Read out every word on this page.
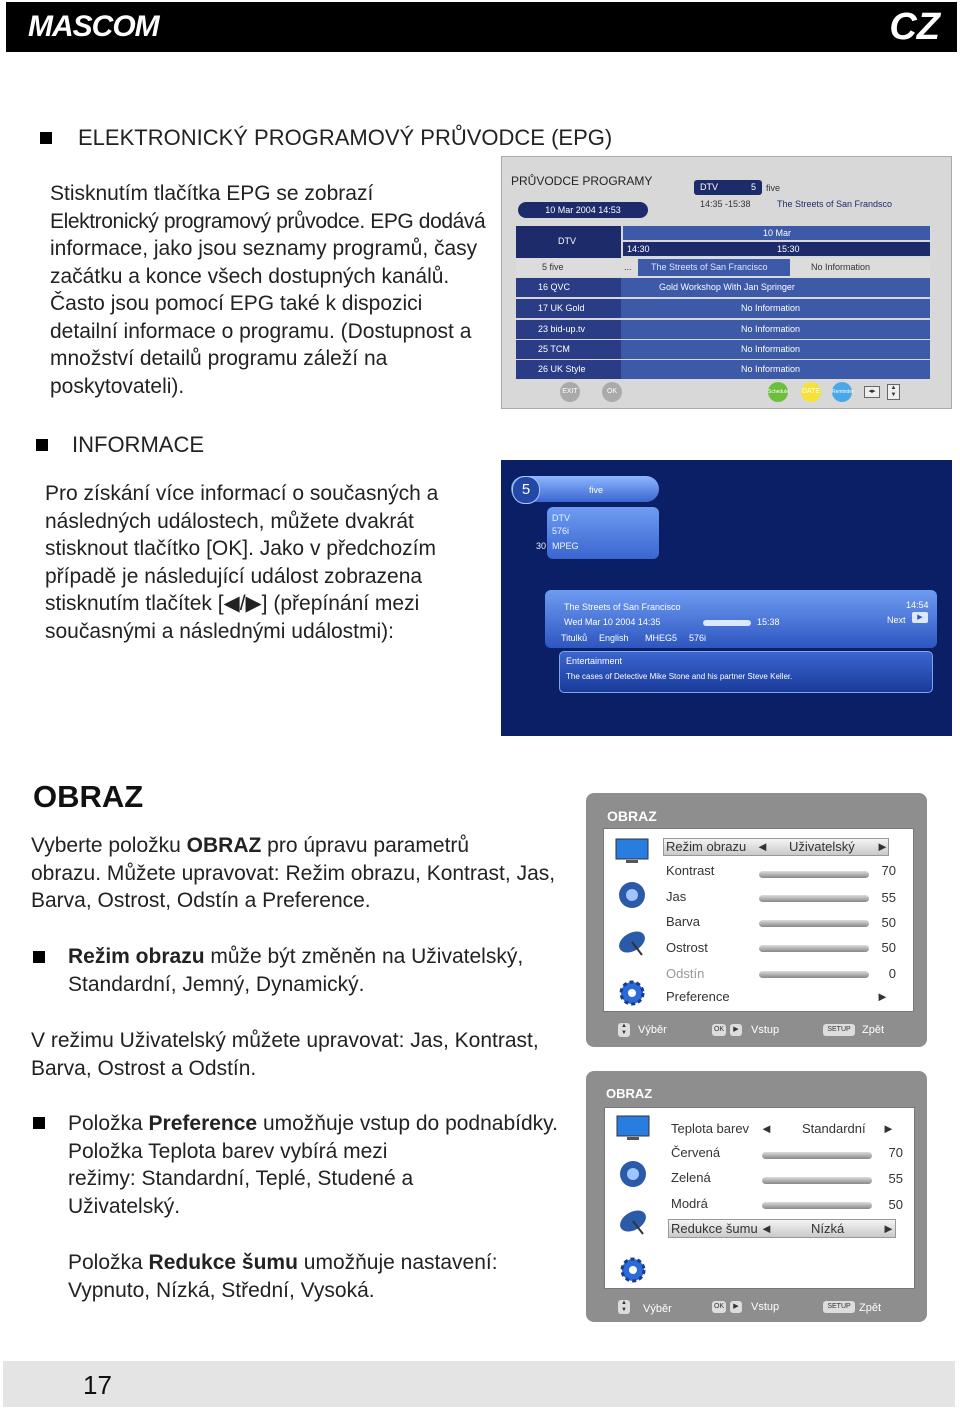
MASCOM	CZ
ELEKTRONICKÝ PROGRAMOVÝ PRŮVODCE (EPG)
Stisknutím tlačítka EPG se zobrazí
Elektronický programový průvodce. EPG dodává
informace, jako jsou seznamy programů, časy
začátku a konce všech dostupných kanálů.
Často jsou pomocí EPG také k dispozici
detailní informace o programu. (Dostupnost a
množství detailů programu záleží na
poskytovateli).
PRŮVODCE PROGRAMY
10 Mar 2004 14:53
DTV	5 five
14:35 -15:38	The Streets of San Frandsco
DTV
10 Mar
14:30	15:30
5 five	... The Streets of San Francisco	No Information
16 QVC	Gold Workshop With Jan Springer
17 UK Gold	No Information
23 bid-up.tv	No Information
25 TCM	No Information
26 UK Style	No Information
EXIT	OK	Schedule DATE Reminder	◂▸	▲
▼
INFORMACE
Pro získání více informací o současných a
následných událostech, můžete dvakrát
stisknout tlačítko [OK]. Jako v předchozím
případě je následující událost zobrazena
stisknutím tlačítek [◀/▶] (přepínání mezi
současnými a následnými událostmi):
5	five
DTV
576i
30 MPEG
The Streets of San Francisco
Wed Mar 10 2004 14:35	15:38
14:54
Next	▶
Titulků English MHEG5 576i
Entertainment
The cases of Detective Mike Stone and his partner Steve Keller.
OBRAZ
Vyberte položku OBRAZ pro úpravu parametrů
obrazu. Můžete upravovat: Režim obrazu, Kontrast, Jas,
Barva, Ostrost, Odstín a Preference.
Režim obrazu může být změněn na Uživatelský,
Standardní, Jemný, Dynamický.
V režimu Uživatelský můžete upravovat: Jas, Kontrast,
Barva, Ostrost a Odstín.
Položka Preference umožňuje vstup do podnabídky.
Položka Teplota barev vybírá mezi
režimy: Standardní, Teplé, Studené a
Uživatelský.
Položka Redukce šumu umožňuje nastavení:
Vypnuto, Nízká, Střední, Vysoká.
OBRAZ
Režim obrazu ◄ Uživatelský ►
Kontrast	70
Jas	55
Barva	50
Ostrost	50
Odstín	0
Preference	►
▲
▼ Výběr	OK	▶	Vstup	SETUP	Zpět
OBRAZ
Teplota barev ◄ Standardní ►
Červená	70
Zelená	55
Modrá	50
Redukce šumu ◄	Nízká	►
▲
▼ Výběr	OK	▶	Vstup	SETUP Zpět
17
